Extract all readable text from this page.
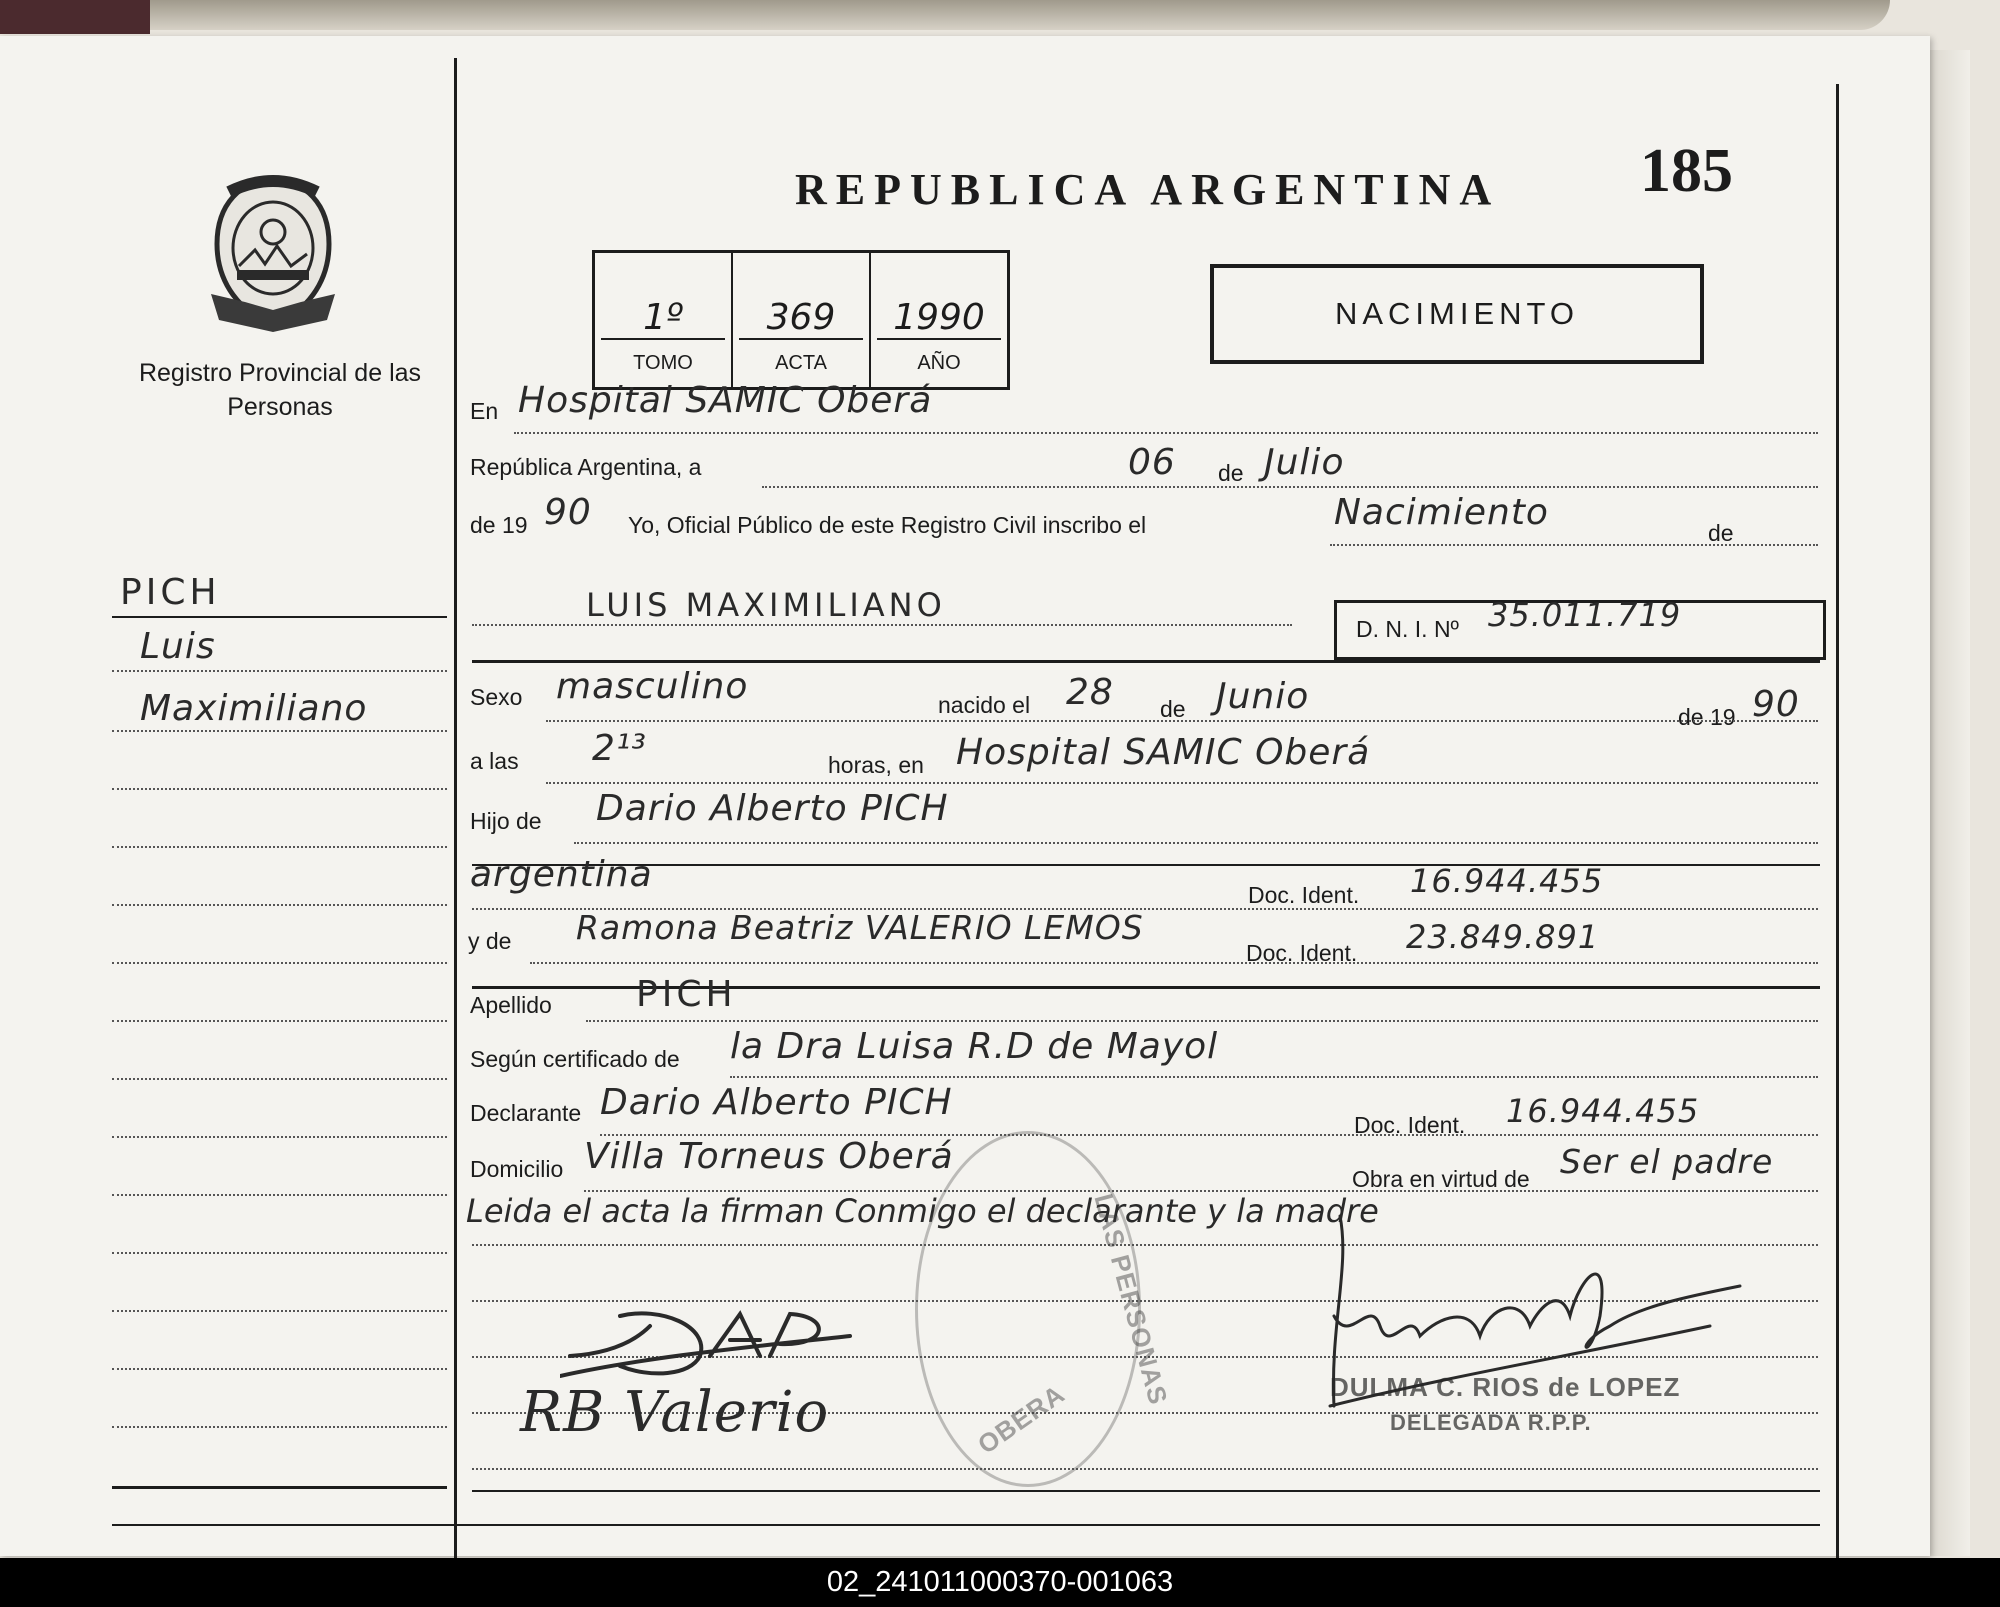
Registro Provincial de las Personas
REPUBLICA ARGENTINA 185
1º
TOMO
369
ACTA
1990
AÑO
NACIMIENTO
PICH
Luis
Maximiliano
En Hospital SAMIC Oberá
República Argentina, a	06 de Julio
de 19 90 Yo, Oficial Público de este Registro Civil inscribo el	Nacimiento	de
LUIS MAXIMILIANO
D. N. I. Nº 35.011.719
Sexo masculino	nacido el 28 de Junio	de 19 90
a las 2¹³	horas, en Hospital SAMIC Oberá
Hijo de Dario Alberto PICH
argentina	Doc. Ident. 16.944.455
y de Ramona Beatriz VALERIO LEMOS
Doc. Ident. 23.849.891
Apellido PICH
Según certificado de la Dra Luisa R.D de Mayol
Declarante Dario Alberto PICH
Doc. Ident. 16.944.455
Domicilio Villa Torneus Oberá
Obra en virtud de Ser el padre
Leida el acta la firman Conmigo el declarante y la madre
LAS PERSONAS
OBERA
RB Valerio	DULMA C. RIOS de LOPEZ
DELEGADA R.P.P.
02_241011000370-001063
